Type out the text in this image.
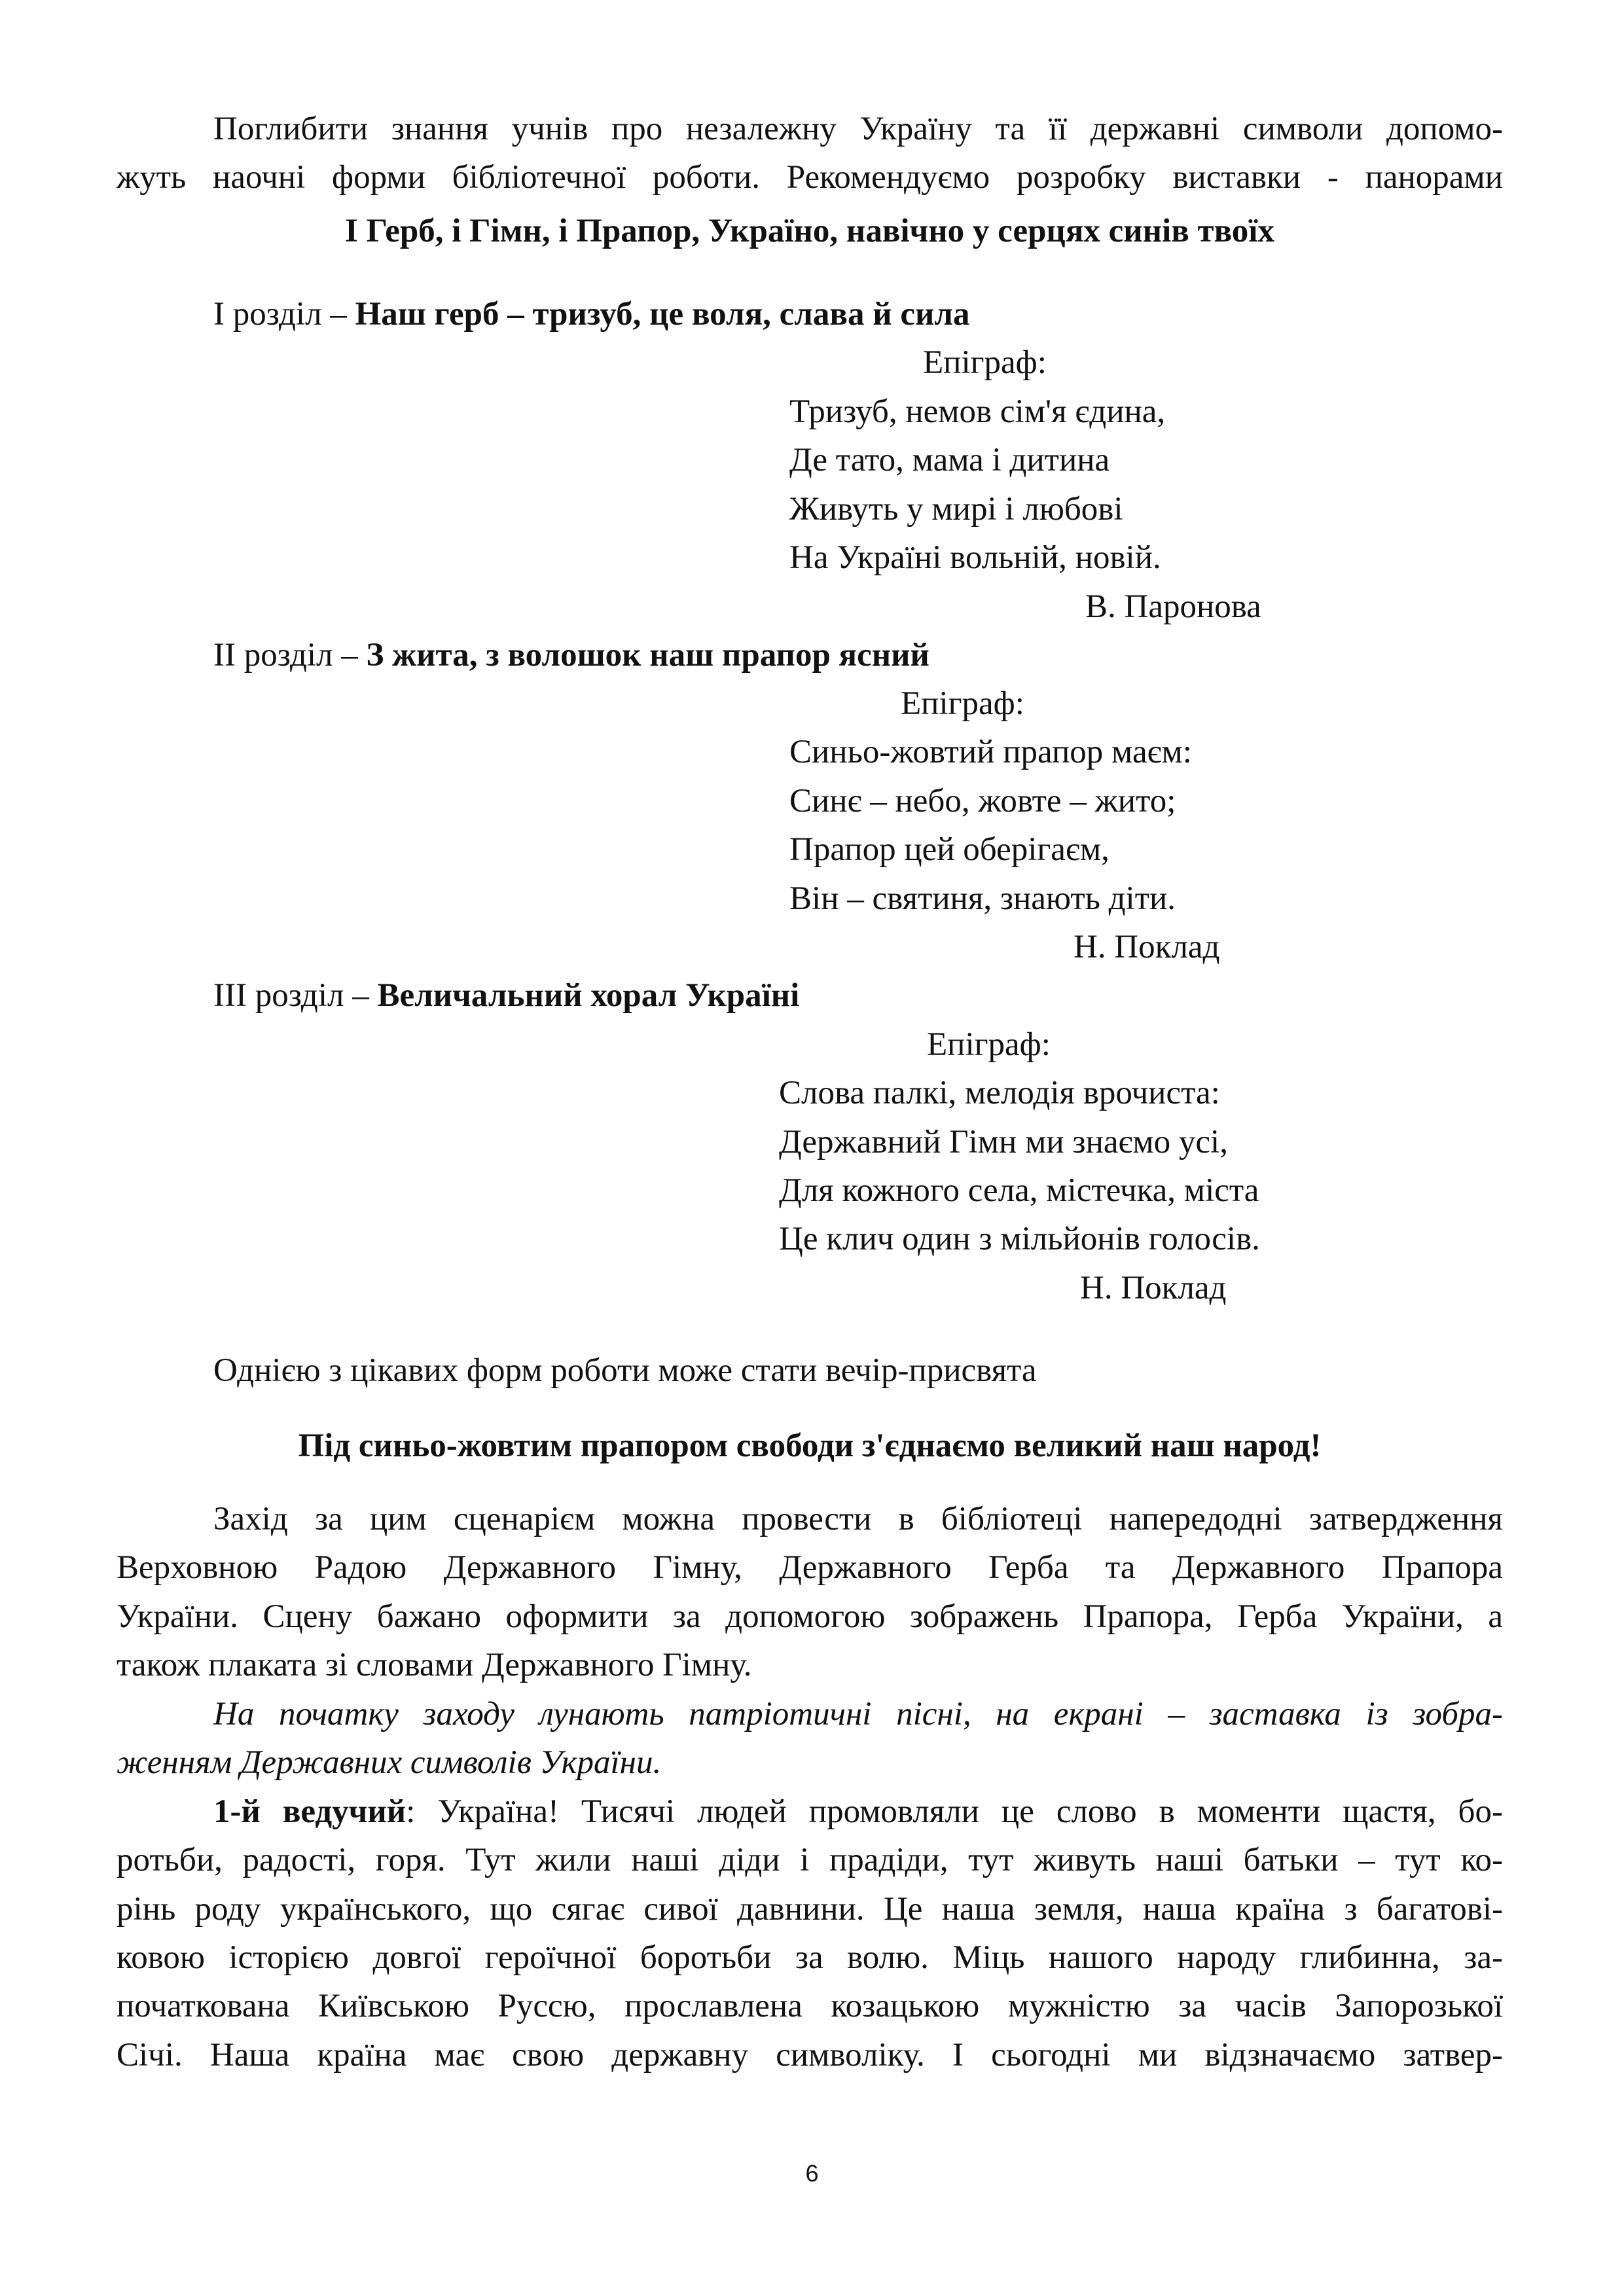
Поглибити знання учнів про незалежну Україну та її державні символи допомо-
жуть наочні форми бібліотечної роботи. Рекомендуємо розробку виставки - панорами
І Герб, і Гімн, і Прапор, Україно, навічно у серцях синів твоїх
І розділ – Наш герб – тризуб, це воля, слава й сила
Епіграф:
Тризуб, немов сім'я єдина,
Де тато, мама і дитина
Живуть у мирі і любові
На Україні вольній, новій.
В. Паронова
ІІ розділ – З жита, з волошок наш прапор ясний
Епіграф:
Синьо-жовтий прапор маєм:
Синє – небо, жовте – жито;
Прапор цей оберігаєм,
Він – святиня, знають діти.
Н. Поклад
ІІІ розділ – Величальний хорал Україні
Епіграф:
Слова палкі, мелодія врочиста:
Державний Гімн ми знаємо усі,
Для кожного села, містечка, міста
Це клич один з мільйонів голосів.
Н. Поклад
Однією з цікавих форм роботи може стати вечір-присвята
Під синьо-жовтим прапором свободи з'єднаємо великий наш народ!
Захід за цим сценарієм можна провести в бібліотеці напередодні затвердження
Верховною Радою Державного Гімну, Державного Герба та Державного Прапора
України. Сцену бажано оформити за допомогою зображень Прапора, Герба України, а
також плаката зі словами Державного Гімну.
На початку заходу лунають патріотичні пісні, на екрані – заставка із зобра-
женням Державних символів України.
1-й ведучий: Україна! Тисячі людей промовляли це слово в моменти щастя, бо-
ротьби, радості, горя. Тут жили наші діди і прадіди, тут живуть наші батьки – тут ко-
рінь роду українського, що сягає сивої давнини. Це наша земля, наша країна з багатові-
ковою історією довгої героїчної боротьби за волю. Міць нашого народу глибинна, за-
початкована Київською Руссю, прославлена козацькою мужністю за часів Запорозької
Січі. Наша країна має свою державну символіку. І сьогодні ми відзначаємо затвер-
6
